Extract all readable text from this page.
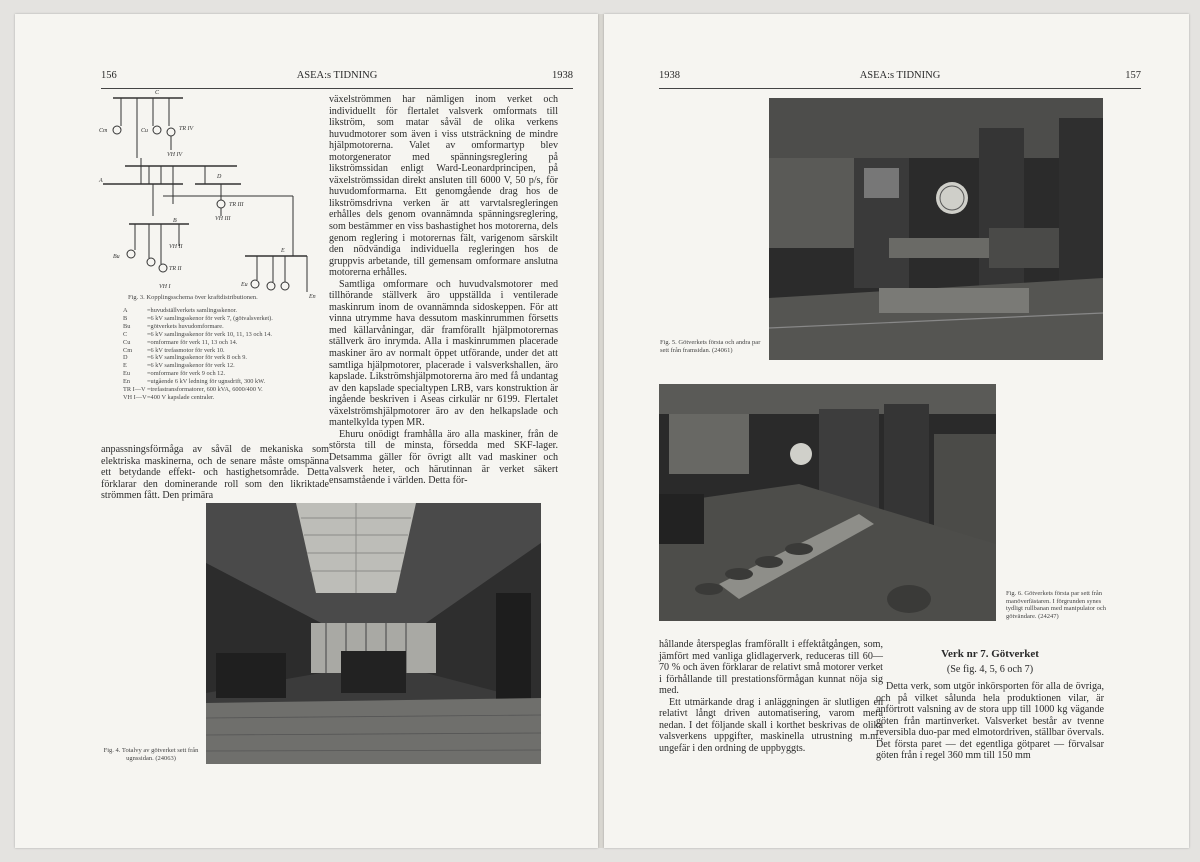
156	ASEA:s TIDNING	1938
C
Cm	Cu	TR IV
VH IV
A
D
TR III
VH III
B
Bu
VH II
TR II
VH I
E
Eu
En
Fig. 3. Kopplingsschema över kraftdistributionen.
A	=huvudställverkets samlingsskenor.
B	=6 kV samlingsskenor för verk 7, (götvalsverket).
Bu	=götverkets huvudomformare.
C	=6 kV samlingsskenor för verk 10, 11, 13 och 14.
Cu	=omformare för verk 11, 13 och 14.
Cm	=6 kV trefasmotor för verk 10.
D	=6 kV samlingsskenor för verk 8 och 9.
E	=6 kV samlingsskenor för verk 12.
Eu	=omformare för verk 9 och 12.
En	=utgående 6 kV ledning för ugnsdrift, 300 kW.
TR I—V =trefastransformatorer, 600 kVA, 6000/400 V.
VH I—V =400 V kapslade centraler.

anpassningsförmåga av såväl de mekaniska som elektriska maskinerna, och de senare måste omspänna ett betydande effekt- och hastighetsområde. Detta förklarar den dominerande roll som den likriktade strömmen fått. Den primära

växelströmmen har nämligen inom verket och individuellt för flertalet valsverk omformats till likström, som matar såväl de olika verkens huvudmotorer som även i viss utsträckning de mindre hjälpmotorerna. Valet av omformartyp blev motorgenerator med spänningsreglering på likströmssidan enligt Ward-Leonardprincipen, på växelströmssidan direkt ansluten till 6000 V, 50 p/s, för huvudomformarna. Ett genomgående drag hos de likströmsdrivna verken är att varvtalsregleringen erhålles dels genom ovannämnda spänningsreglering, som bestämmer en viss bashastighet hos motorerna, dels genom reglering i motorernas fält, varigenom särskilt den nödvändiga individuella regleringen hos de gruppvis arbetande, till gemensam omformare anslutna motorerna erhålles.

Samtliga omformare och huvudvalsmotorer med tillhörande ställverk äro uppställda i ventilerade maskinrum inom de ovannämnda sidoskeppen. För att vinna utrymme hava dessutom maskinrummen försetts med källarvåningar, där framförallt hjälpmotorernas ställverk äro inrymda. Alla i maskinrummen placerade maskiner äro av normalt öppet utförande, under det att samtliga hjälpmotorer, placerade i valsverkshallen, äro kapslade. Likströmshjälpmotorerna äro med få undantag av den kapslade specialtypen LRB, vars konstruktion är ingående beskriven i Aseas cirkulär nr 6199. Flertalet växelströmshjälpmotorer äro av den helkapslade och mantelkylda typen MR.

Ehuru onödigt framhålla äro alla maskiner, från de största till de minsta, försedda med SKF-lager. Detsamma gäller för övrigt allt vad maskiner och valsverk heter, och härutinnan är verket säkert ensamstående i världen. Detta för-

Fig. 4. Totalvy av götverket sett från ugnssidan. (24063)
1938	ASEA:s TIDNING	157
Fig. 5. Götverkets första och andra par sett från framsidan. (24061)
Fig. 6. Götverkets första par sett från manöverfästaren. I förgrunden synes tydligt rullbanan med manipulator och götvändare. (24247)

hållande återspeglas framförallt i effektåtgången, som, jämfört med vanliga glidlagerverk, reduceras till 60—70 % och även förklarar de relativt små motorer verket i förhållande till prestationsförmågan kunnat nöja sig med.

Ett utmärkande drag i anläggningen är slutligen en relativt långt driven automatisering, varom mera nedan. I det följande skall i korthet beskrivas de olika valsverkens uppgifter, maskinella utrustning m.m., ungefär i den ordning de uppbyggts.

Verk nr 7. Götverket
(Se fig. 4, 5, 6 och 7)

Detta verk, som utgör inkörsporten för alla de övriga, och på vilket sålunda hela produktionen vilar, är anförtrott valsning av de stora upp till 1000 kg vägande göten från martinverket. Valsverket består av tvenne reversibla duo-par med elmotordriven, ställbar övervals. Det första paret — det egentliga götparet — förvalsar göten från i regel 360 mm till 150 mm
